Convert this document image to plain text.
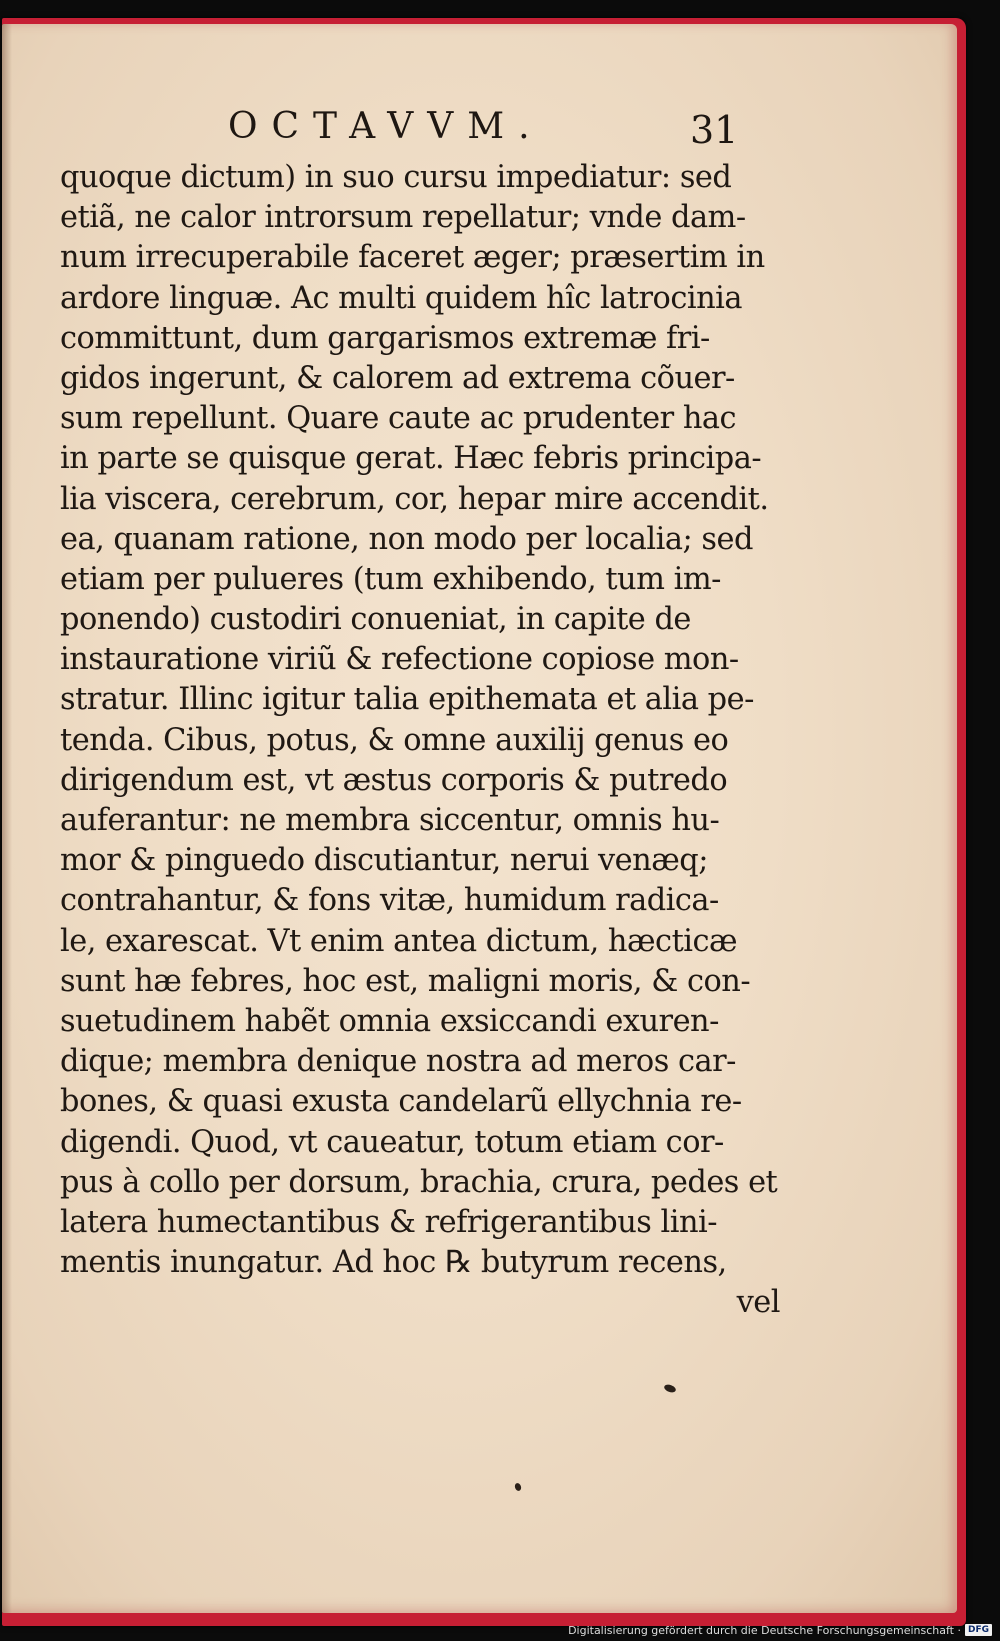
OCTAVVM.	31
quoque dictum) in suo cursu impediatur: sed
etiã, ne calor introrsum repellatur; vnde dam-
num irrecuperabile faceret æger; præsertim in
ardore linguæ. Ac multi quidem hîc latrocinia
committunt, dum gargarismos extremæ fri-
gidos ingerunt, & calorem ad extrema cõuer-
sum repellunt. Quare caute ac prudenter hac
in parte se quisque gerat. Hæc febris principa-
lia viscera, cerebrum, cor, hepar mire accendit.
ea, quanam ratione, non modo per localia; sed
etiam per pulueres (tum exhibendo, tum im-
ponendo) custodiri conueniat, in capite de
instauratione viriũ & refectione copiose mon-
stratur. Illinc igitur talia epithemata et alia pe-
tenda. Cibus, potus, & omne auxilij genus eo
dirigendum est, vt æstus corporis & putredo
auferantur: ne membra siccentur, omnis hu-
mor & pinguedo discutiantur, nerui venæq;
contrahantur, & fons vitæ, humidum radica-
le, exarescat. Vt enim antea dictum, hæcticæ
sunt hæ febres, hoc est, maligni moris, & con-
suetudinem habẽt omnia exsiccandi exuren-
dique; membra denique nostra ad meros car-
bones, & quasi exusta candelarũ ellychnia re-
digendi. Quod, vt caueatur, totum etiam cor-
pus à collo per dorsum, brachia, crura, pedes et
latera humectantibus & refrigerantibus lini-
mentis inungatur. Ad hoc ℞ butyrum recens,
vel
Digitalisierung gefördert durch die Deutsche Forschungsgemeinschaft · DFG
